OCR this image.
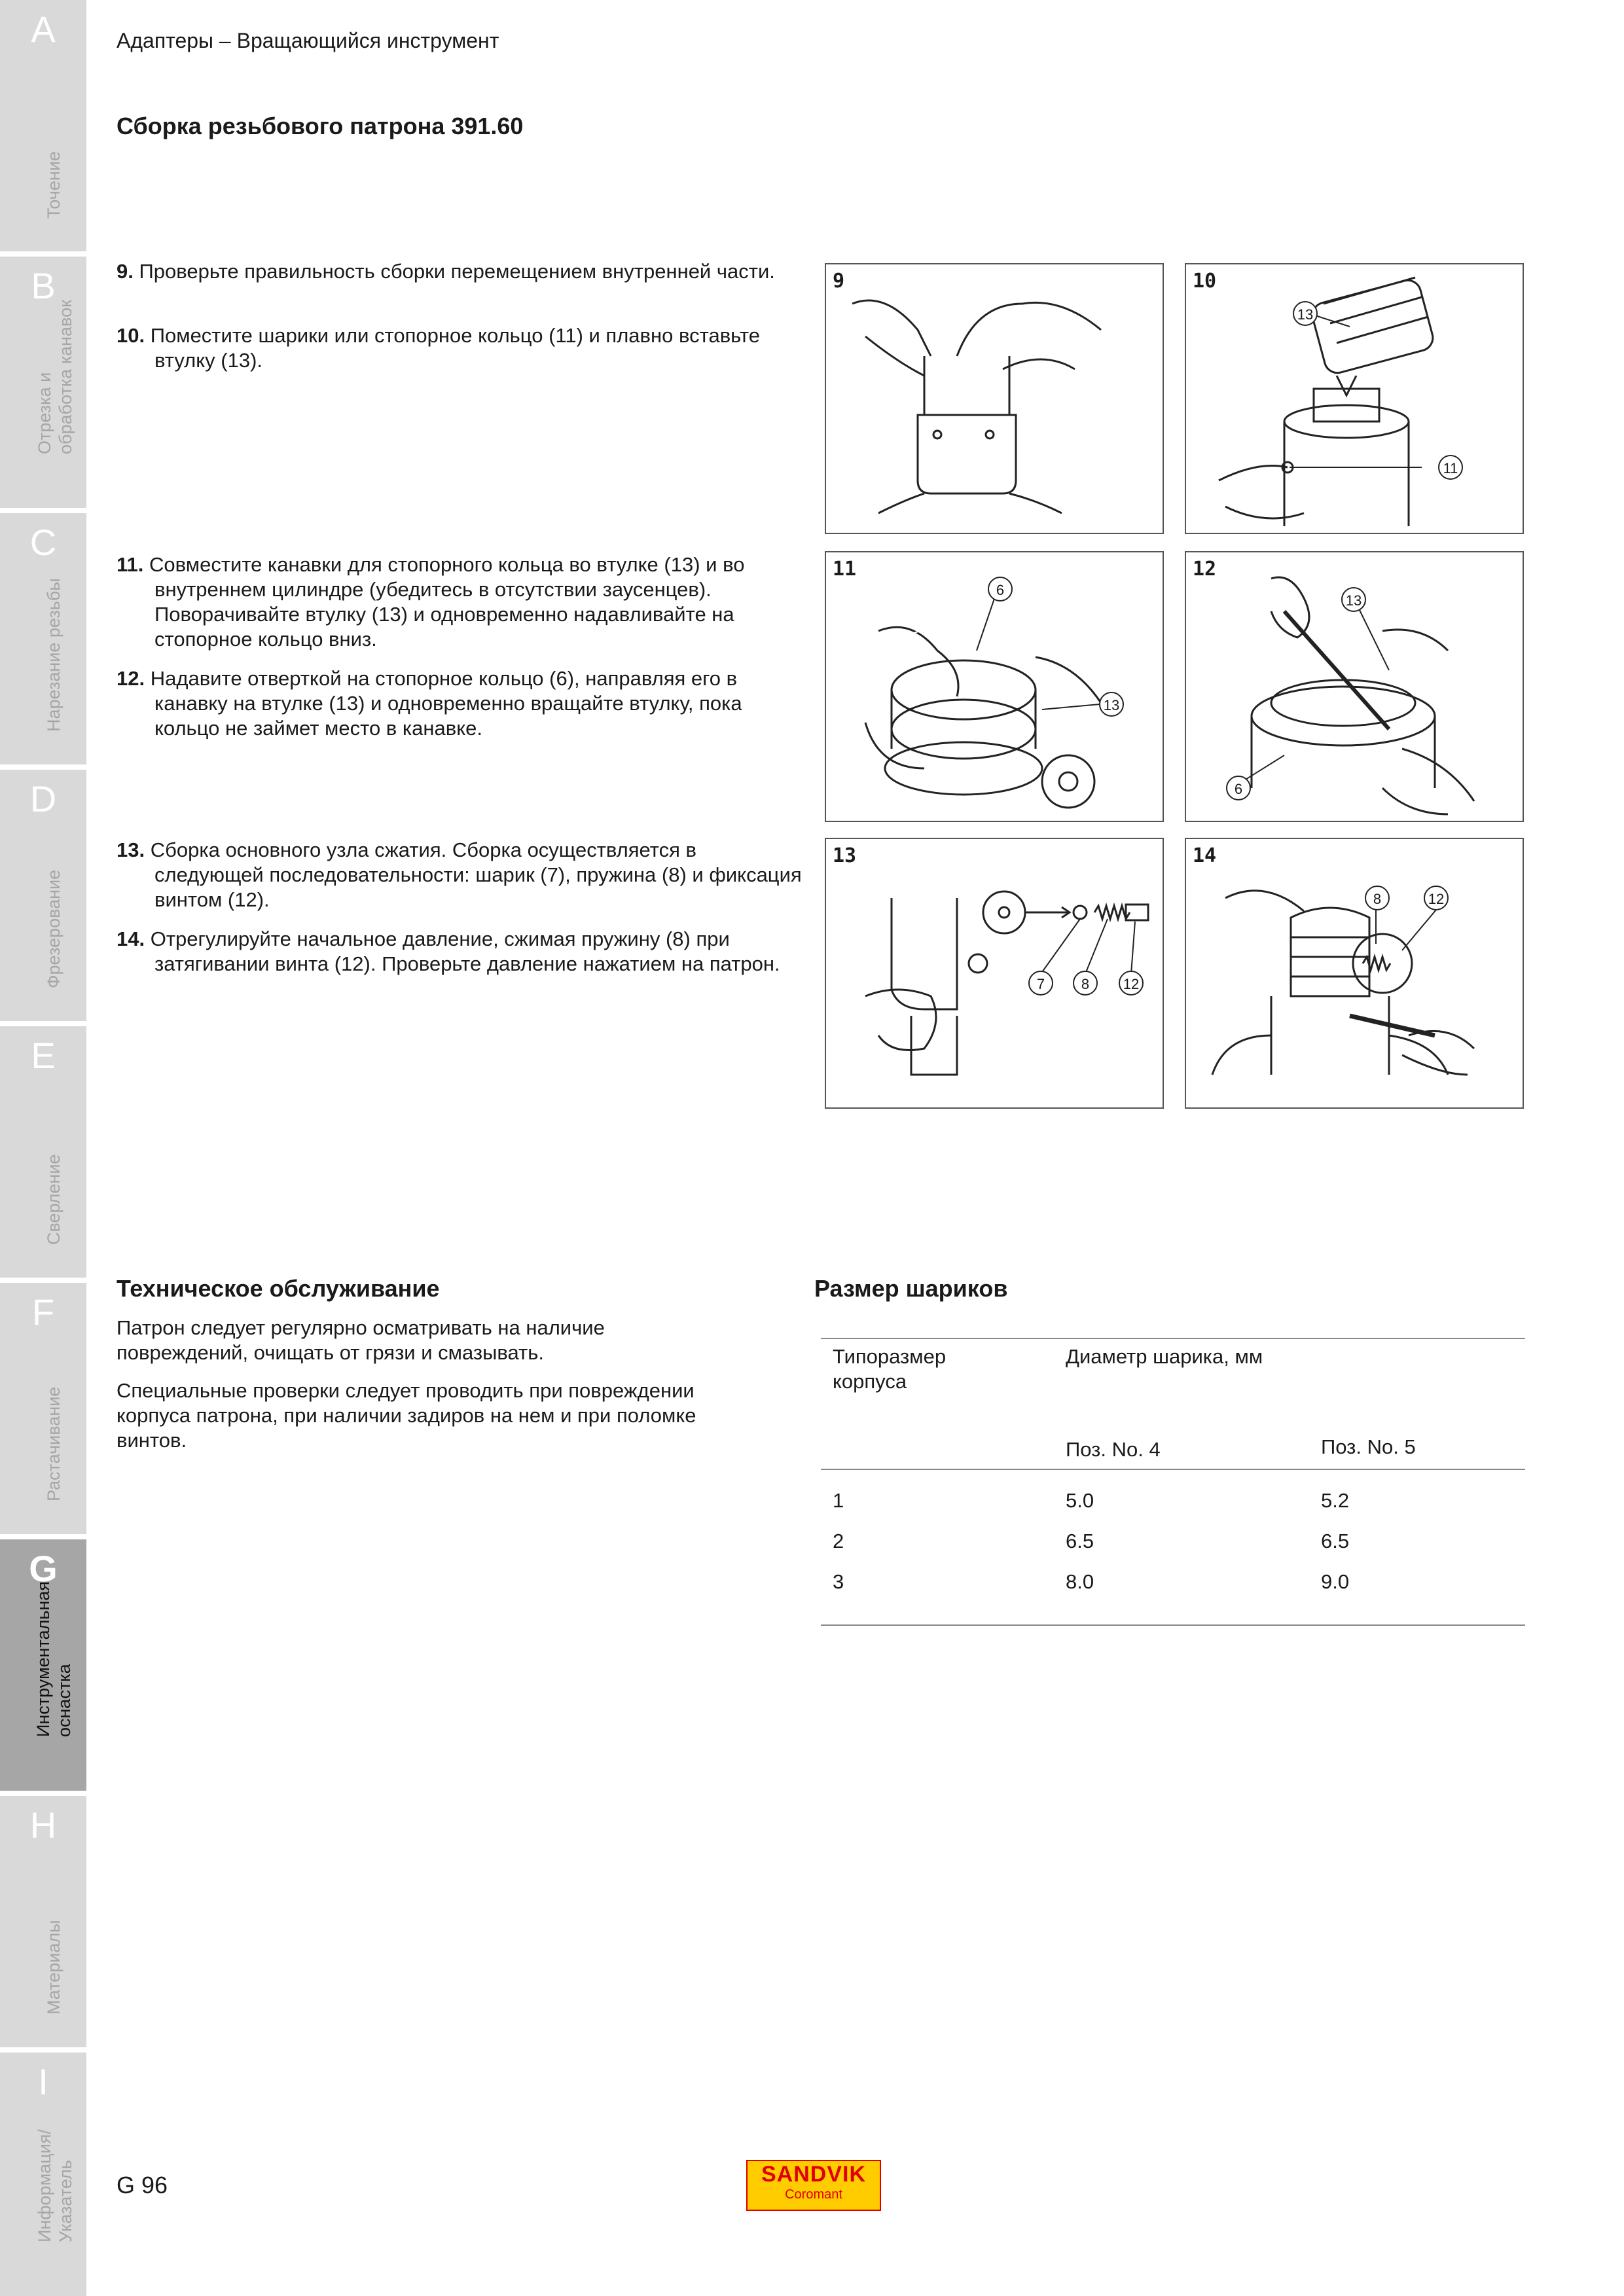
A
Точение
B
Отрезка и
обработка канавок
C
Нарезание резьбы
D
Фрезерование
E
Сверление
F
Растачивание
G
Инструментальная
оснастка
H
Материалы
I
Информация/
Указатель
Адаптеры – Вращающийся инструмент
Сборка резьбового патрона 391.60
9. Проверьте правильность сборки перемещением внутренней части.
10. Поместите шарики или стопорное кольцо (11) и плавно вставьте втулку (13).
11. Совместите канавки для стопорного кольца во втулке (13) и во внутреннем цилиндре (убедитесь в отсутствии заусенцев). Поворачивайте втулку (13) и одновременно надавливайте на стопорное кольцо вниз.
12. Надавите отверткой на стопорное кольцо (6), направляя его в канавку на втулке (13) и одновременно вращайте втулку, пока кольцо не займет место в канавке.
13. Сборка основного узла сжатия. Сборка осуществляется в следующей последовательности: шарик (7), пружина (8) и фиксация винтом (12).
14. Отрегулируйте начальное давление, сжимая пружину (8) при затягивании винта (12). Проверьте давление нажатием на патрон.
9	10
13
11
11
6
13
12
13
6
13
7	8	12
14
8	12
Техническое обслуживание
Патрон следует регулярно осматривать на наличие повреждений, очищать от грязи и смазывать.
Специальные проверки следует проводить при повреждении корпуса патрона, при наличии задиров на нем и при поломке винтов.
Размер шариков
Типоразмер корпуса
Диаметр шарика, мм
Поз. No. 4	Поз. No. 5
1	5.0	5.2
2	6.5	6.5
3	8.0	9.0
G 96	SANDVIK
Coromant
